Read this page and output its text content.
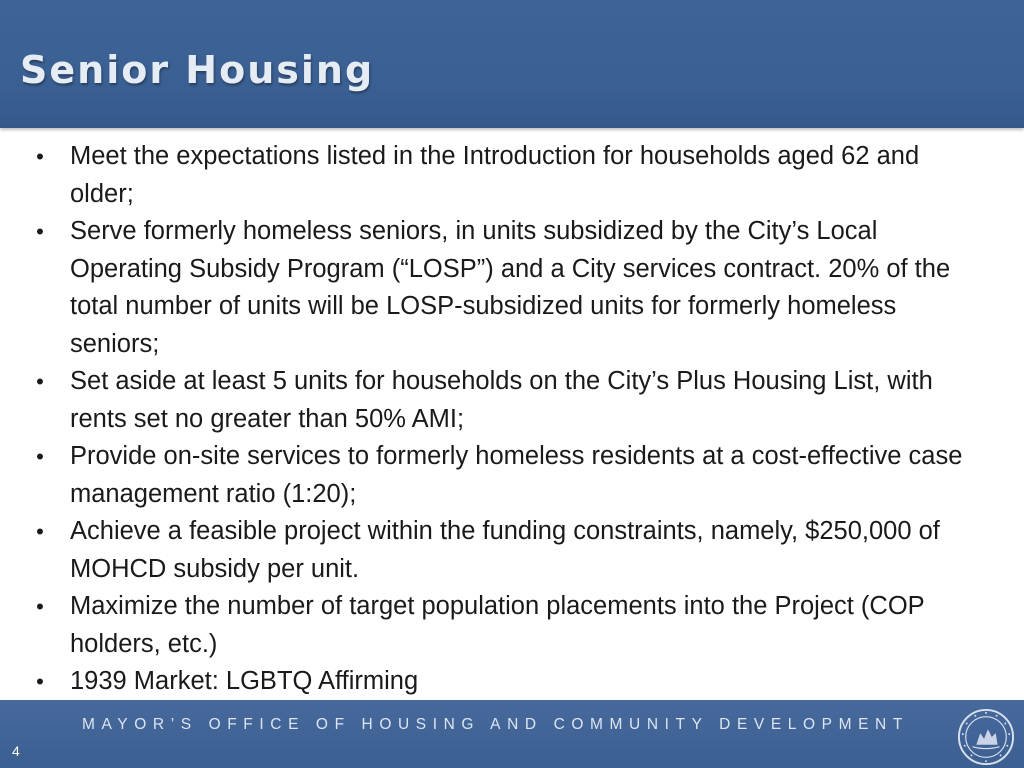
Senior Housing
• Meet the expectations listed in the Introduction for households aged 62 and older;
• Serve formerly homeless seniors, in units subsidized by the City’s Local Operating Subsidy Program (“LOSP”) and a City services contract. 20% of the total number of units will be LOSP-subsidized units for formerly homeless seniors;
• Set aside at least 5 units for households on the City’s Plus Housing List, with rents set no greater than 50% AMI;
• Provide on-site services to formerly homeless residents at a cost-effective case management ratio (1:20);
• Achieve a feasible project within the funding constraints, namely, $250,000 of MOHCD subsidy per unit.
• Maximize the number of target population placements into the Project (COP holders, etc.)
• 1939 Market: LGBTQ Affirming
MAYOR’S OFFICE OF HOUSING AND COMMUNITY DEVELOPMENT
4
